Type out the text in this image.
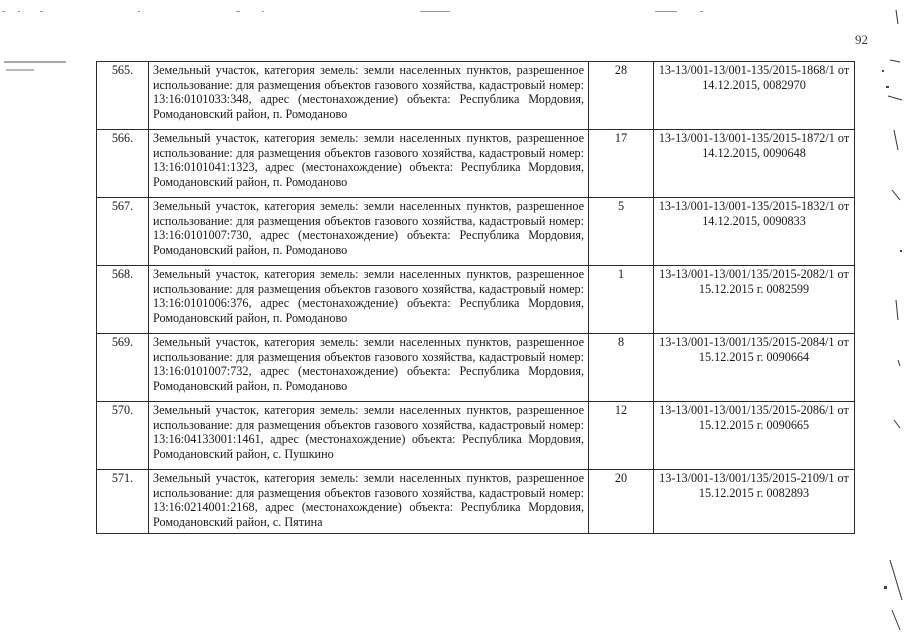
92
565.	Земельный участок, категория земель: земли населенных пунктов, разрешенное использование: для размещения объектов газового хозяйства, кадастровый номер: 13:16:0101033:348, адрес (местонахождение) объекта: Республика Мордовия, Ромодановский район, п. Ромоданово	28	13-13/001-13/001-135/2015-1868/1 от 14.12.2015, 0082970
566.	Земельный участок, категория земель: земли населенных пунктов, разрешенное использование: для размещения объектов газового хозяйства, кадастровый номер: 13:16:0101041:1323, адрес (местонахождение) объекта: Республика Мордовия, Ромодановский район, п. Ромоданово	17	13-13/001-13/001-135/2015-1872/1 от 14.12.2015, 0090648
567.	Земельный участок, категория земель: земли населенных пунктов, разрешенное использование: для размещения объектов газового хозяйства, кадастровый номер: 13:16:0101007:730, адрес (местонахождение) объекта: Республика Мордовия, Ромодановский район, п. Ромоданово	5	13-13/001-13/001-135/2015-1832/1 от 14.12.2015, 0090833
568.	Земельный участок, категория земель: земли населенных пунктов, разрешенное использование: для размещения объектов газового хозяйства, кадастровый номер: 13:16:0101006:376, адрес (местонахождение) объекта: Республика Мордовия, Ромодановский район, п. Ромоданово	1	13-13/001-13/001/135/2015-2082/1 от 15.12.2015 г. 0082599
569.	Земельный участок, категория земель: земли населенных пунктов, разрешенное использование: для размещения объектов газового хозяйства, кадастровый номер: 13:16:0101007:732, адрес (местонахождение) объекта: Республика Мордовия, Ромодановский район, п. Ромоданово	8	13-13/001-13/001/135/2015-2084/1 от 15.12.2015 г. 0090664
570.	Земельный участок, категория земель: земли населенных пунктов, разрешенное использование: для размещения объектов газового хозяйства, кадастровый номер: 13:16:04133001:1461, адрес (местонахождение) объекта: Республика Мордовия, Ромодановский район, с. Пушкино	12	13-13/001-13/001/135/2015-2086/1 от 15.12.2015 г. 0090665
571.	Земельный участок, категория земель: земли населенных пунктов, разрешенное использование: для размещения объектов газового хозяйства, кадастровый номер: 13:16:0214001:2168, адрес (местонахождение) объекта: Республика Мордовия, Ромодановский район, с. Пятина	20	13-13/001-13/001/135/2015-2109/1 от 15.12.2015 г. 0082893
